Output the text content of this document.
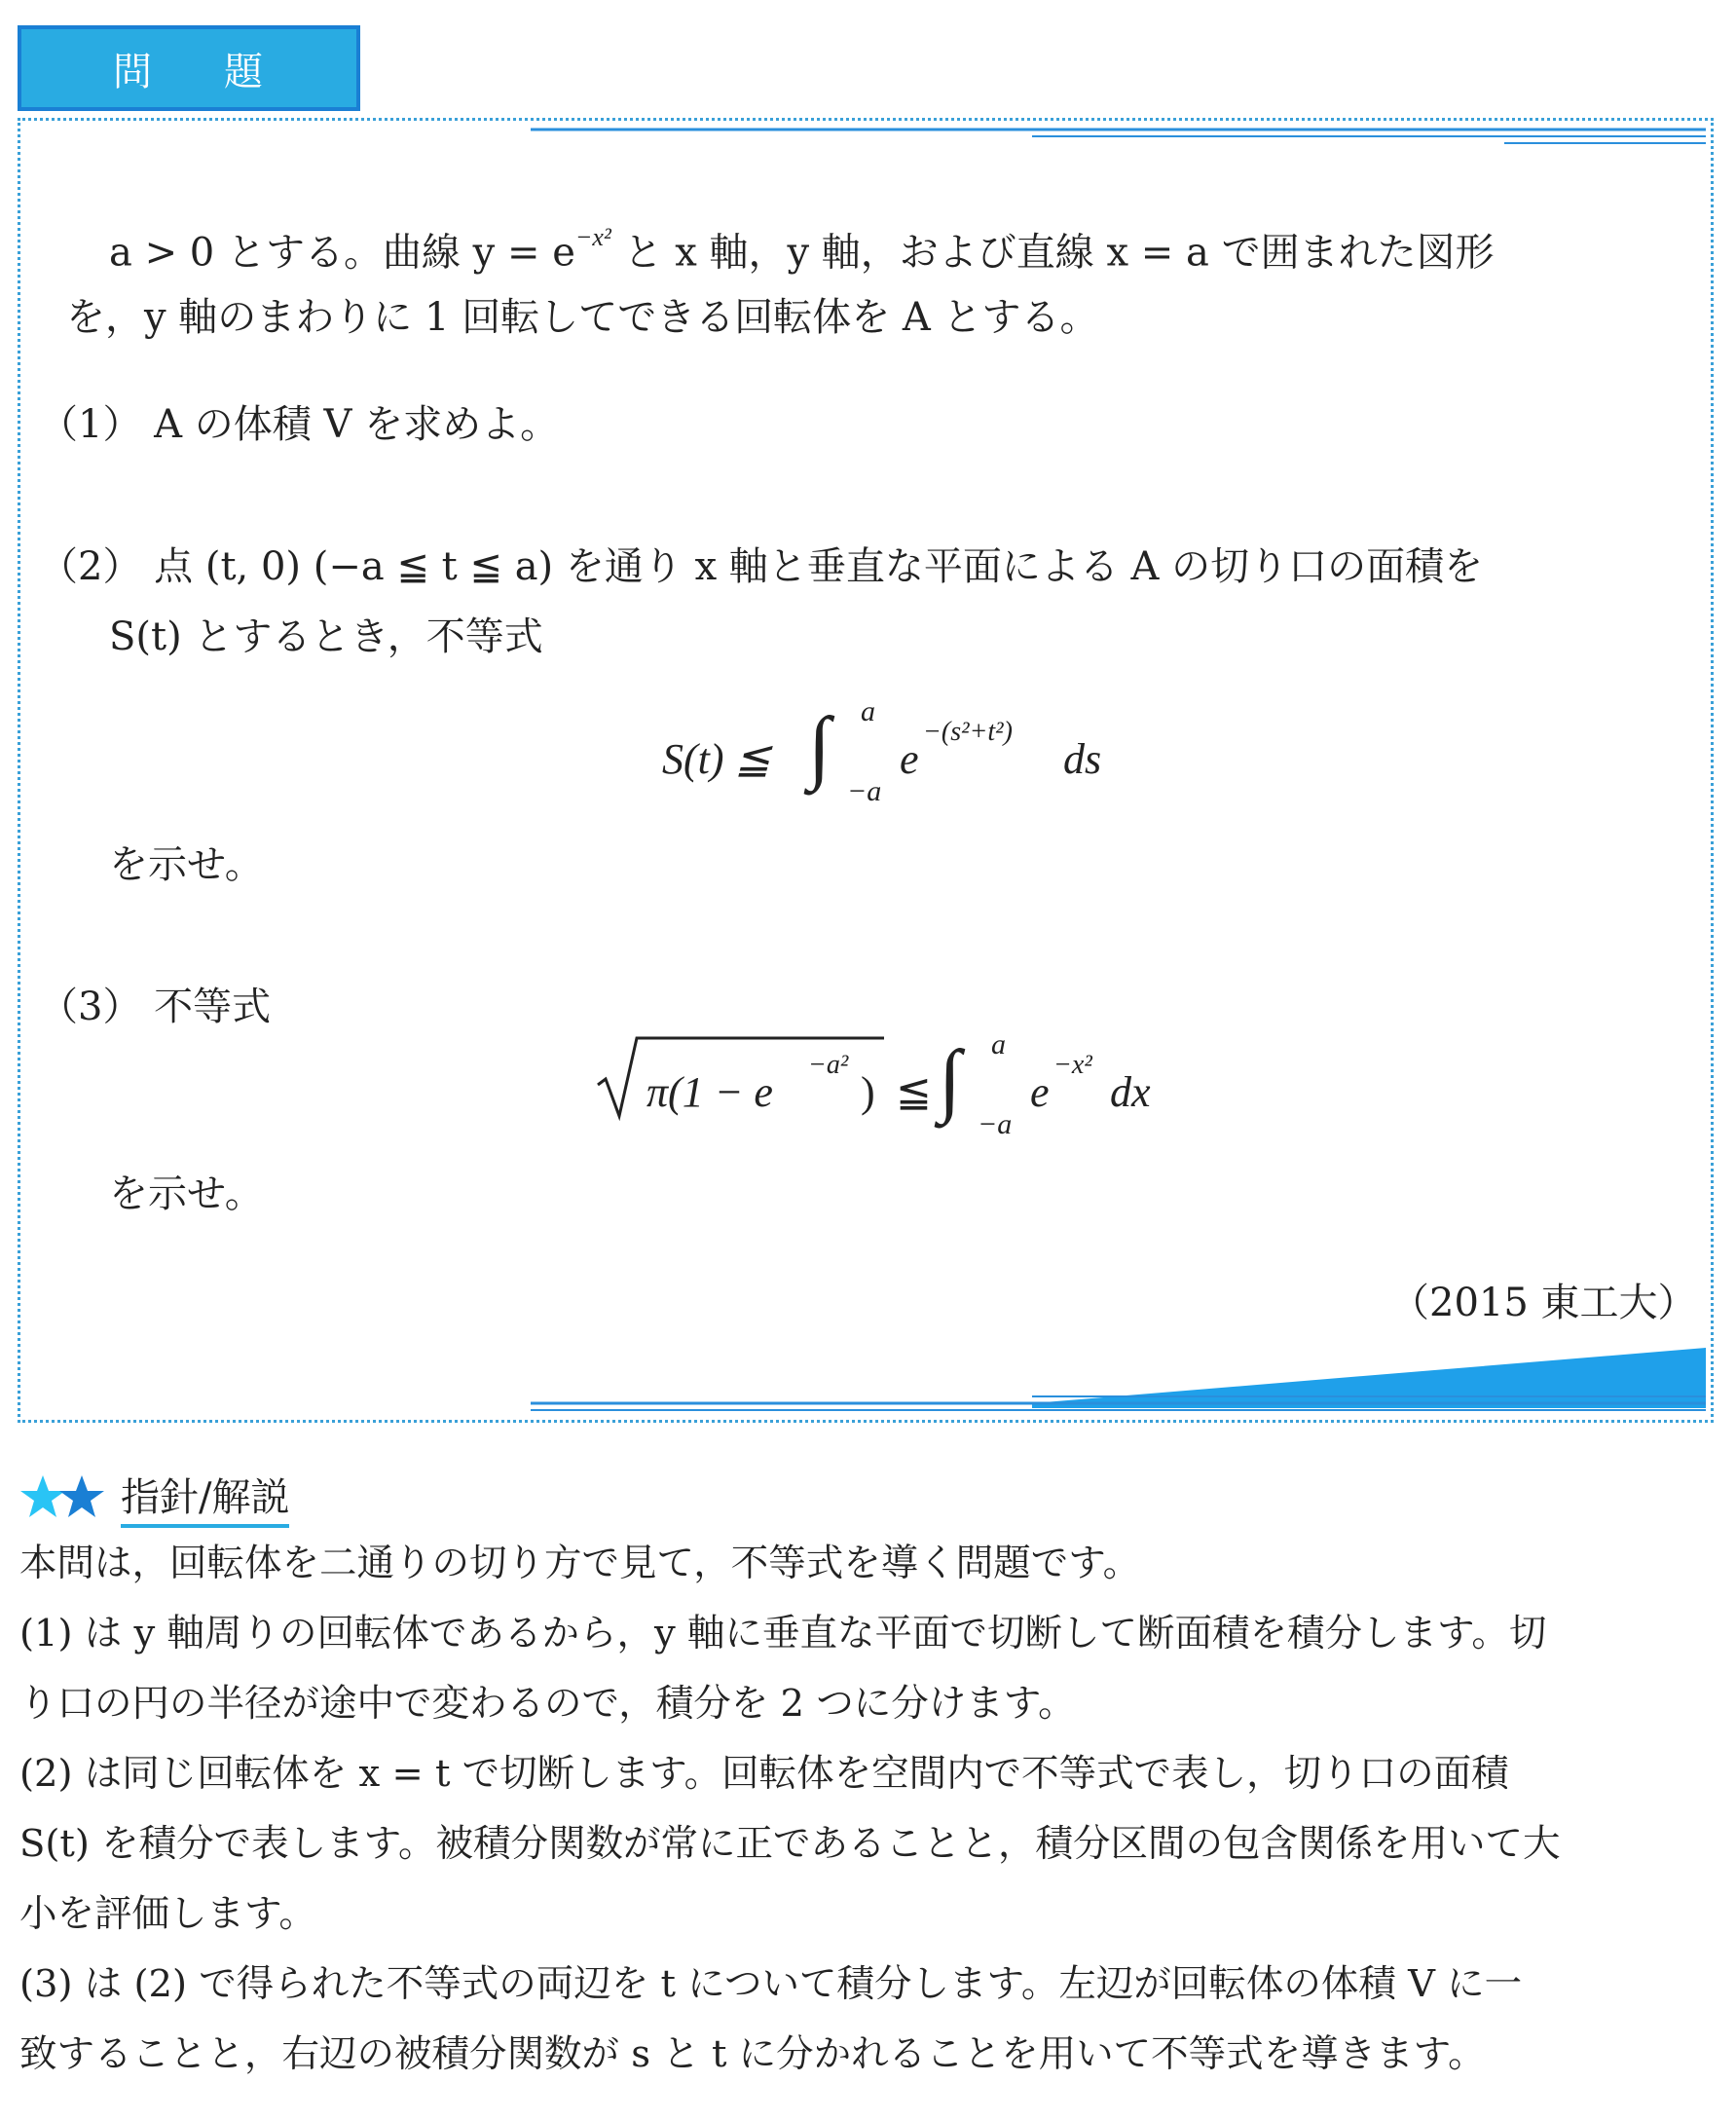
問 題
a > 0 とする。曲線 $y = e^{-x^2}$ と x 軸，y 軸，および直線 x = a で囲まれた図形
を，y 軸のまわりに 1 回転してできる回転体を A とする。
（1） A の体積 V を求めよ。
（2） 点 (t, 0) (−a ≦ t ≦ a) を通り x 軸と垂直な平面による A の切り口の面積を
S(t) とするとき，不等式
S(t) ≦ ∫ a
−a
e
−(s²+t²)
ds
を示せ。
（3） 不等式
π(1 − e
−a²
) ≦ ∫ a
−a
e
−x²
dx
を示せ。
（2015 東工大）
指針/解説
本問は，回転体を二通りの切り方で見て，不等式を導く問題です。
(1) は y 軸周りの回転体であるから，y 軸に垂直な平面で切断して断面積を積分します。切
り口の円の半径が途中で変わるので，積分を 2 つに分けます。
(2) は同じ回転体を x = t で切断します。回転体を空間内で不等式で表し，切り口の面積
S(t) を積分で表します。被積分関数が常に正であることと，積分区間の包含関係を用いて大
小を評価します。
(3) は (2) で得られた不等式の両辺を t について積分します。左辺が回転体の体積 V に一
致することと，右辺の被積分関数が s と t に分かれることを用いて不等式を導きます。
